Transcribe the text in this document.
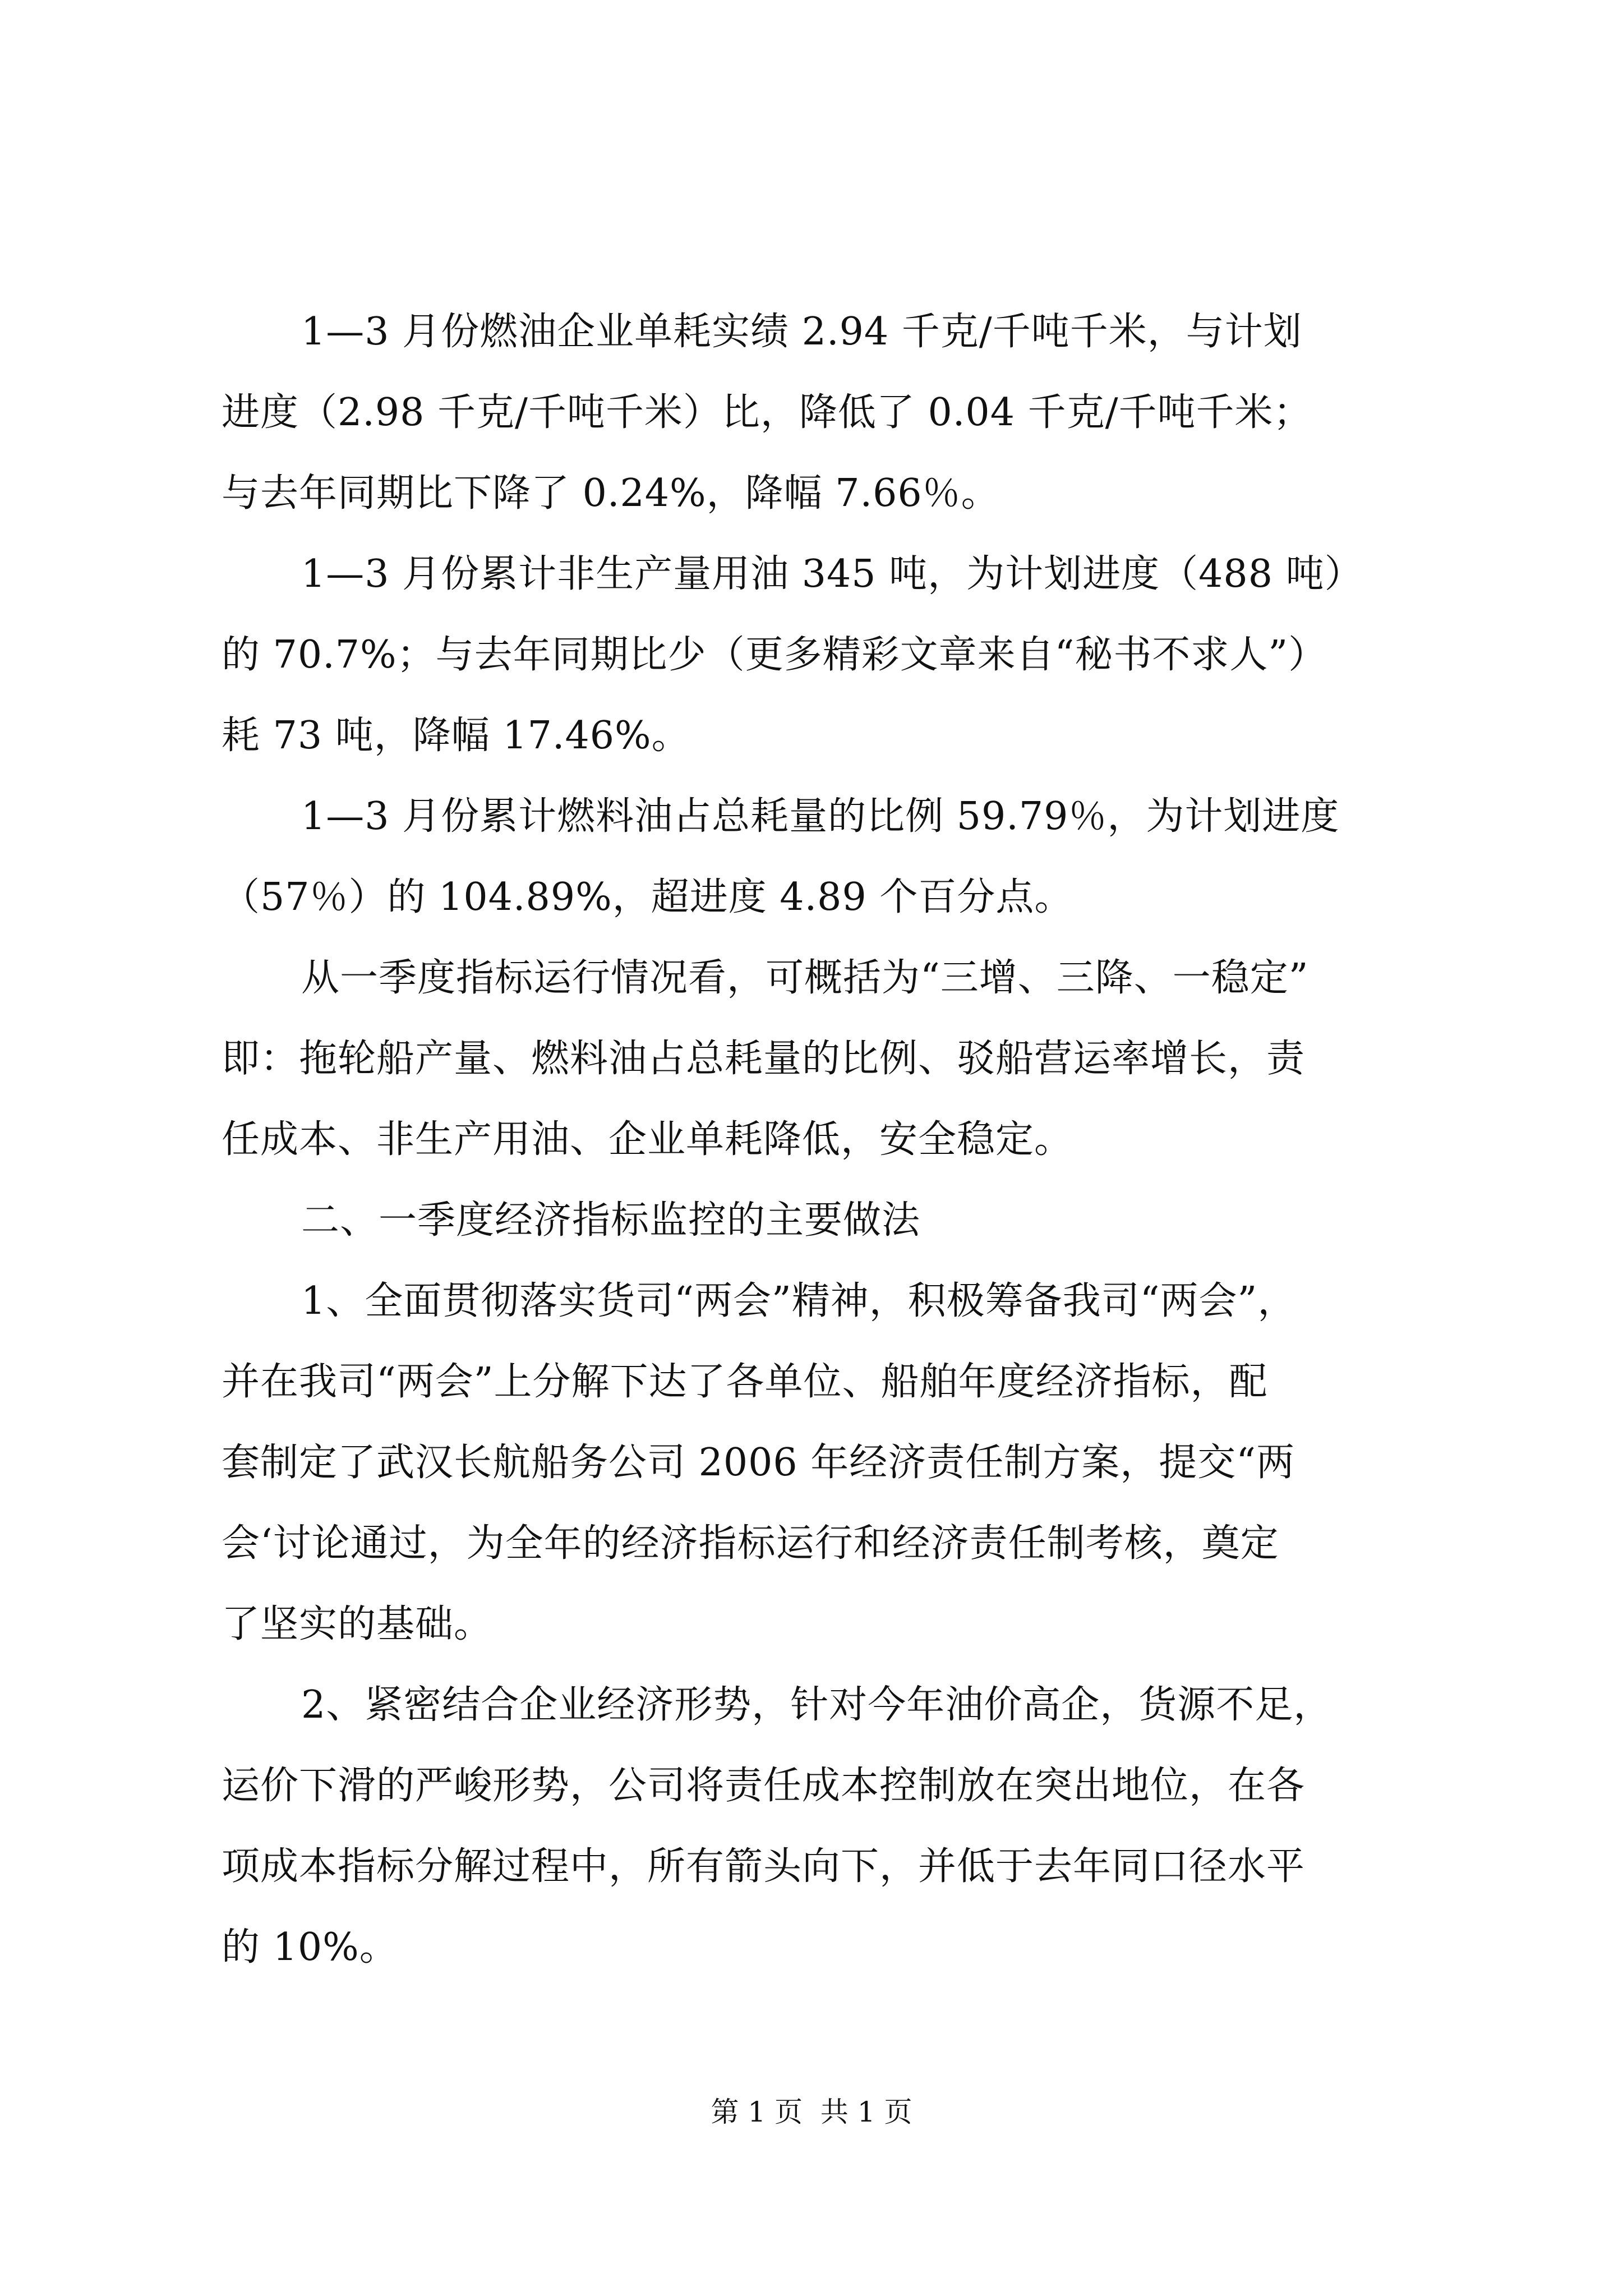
1—3 月份燃油企业单耗实绩 2.94 千克/千吨千米，与计划
进度（2.98 千克/千吨千米）比，降低了 0.04 千克/千吨千米；
与去年同期比下降了 0.24%，降幅 7.66％。
1—3 月份累计非生产量用油 345 吨，为计划进度（488 吨）
的 70.7%；与去年同期比少（更多精彩文章来自“秘书不求人”）
耗 73 吨，降幅 17.46%。
1—3 月份累计燃料油占总耗量的比例 59.79％，为计划进度
（57％）的 104.89%，超进度 4.89 个百分点。
从一季度指标运行情况看，可概括为“三增、三降、一稳定”
即：拖轮船产量、燃料油占总耗量的比例、驳船营运率增长，责
任成本、非生产用油、企业单耗降低，安全稳定。
二、一季度经济指标监控的主要做法
1、全面贯彻落实货司“两会”精神，积极筹备我司“两会”，
并在我司“两会”上分解下达了各单位、船舶年度经济指标，配
套制定了武汉长航船务公司 2006 年经济责任制方案，提交“两
会‘讨论通过，为全年的经济指标运行和经济责任制考核，奠定
了坚实的基础。
2、紧密结合企业经济形势，针对今年油价高企，货源不足，
运价下滑的严峻形势，公司将责任成本控制放在突出地位，在各
项成本指标分解过程中，所有箭头向下，并低于去年同口径水平
的 10%。
第 1 页  共 1 页
